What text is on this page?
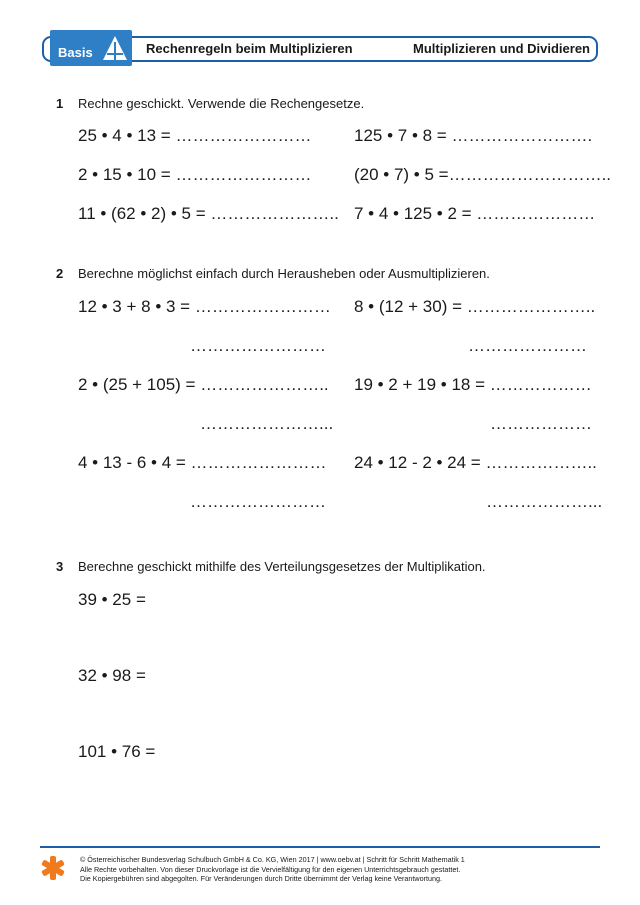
Basis	Rechenregeln beim Multiplizieren	Multiplizieren und Dividieren
1 Rechne geschickt. Verwende die Rechengesetze.
25 • 4 • 13 = ……………………	125 • 7 • 8 = …………………….
2 • 15 • 10 = ……………………	(20 • 7) • 5 =………………………..
11 • (62 • 2) • 5 = ………………….. 7 • 4 • 125 • 2 = …………………
2 Berechne möglichst einfach durch Herausheben oder Ausmultiplizieren.
12 • 3 + 8 • 3 = …………………… 8 • (12 + 30) = …………………..
……………………	…………………
2 • (25 + 105) = ………………….. 19 • 2 + 19 • 18 = ………………
…………………...	………………
4 • 13 - 6 • 4 = …………………… 24 • 12 - 2 • 24 = ………………..
……………………	………………...
3 Berechne geschickt mithilfe des Verteilungsgesetzes der Multiplikation.
39 • 25 =
32 • 98 =
101 • 76 =
© Österreichischer Bundesverlag Schulbuch GmbH & Co. KG, Wien 2017 | www.oebv.at | Schritt für Schritt Mathematik 1
Alle Rechte vorbehalten. Von dieser Druckvorlage ist die Vervielfältigung für den eigenen Unterrichtsgebrauch gestattet.
Die Kopiergebühren sind abgegolten. Für Veränderungen durch Dritte übernimmt der Verlag keine Verantwortung.
